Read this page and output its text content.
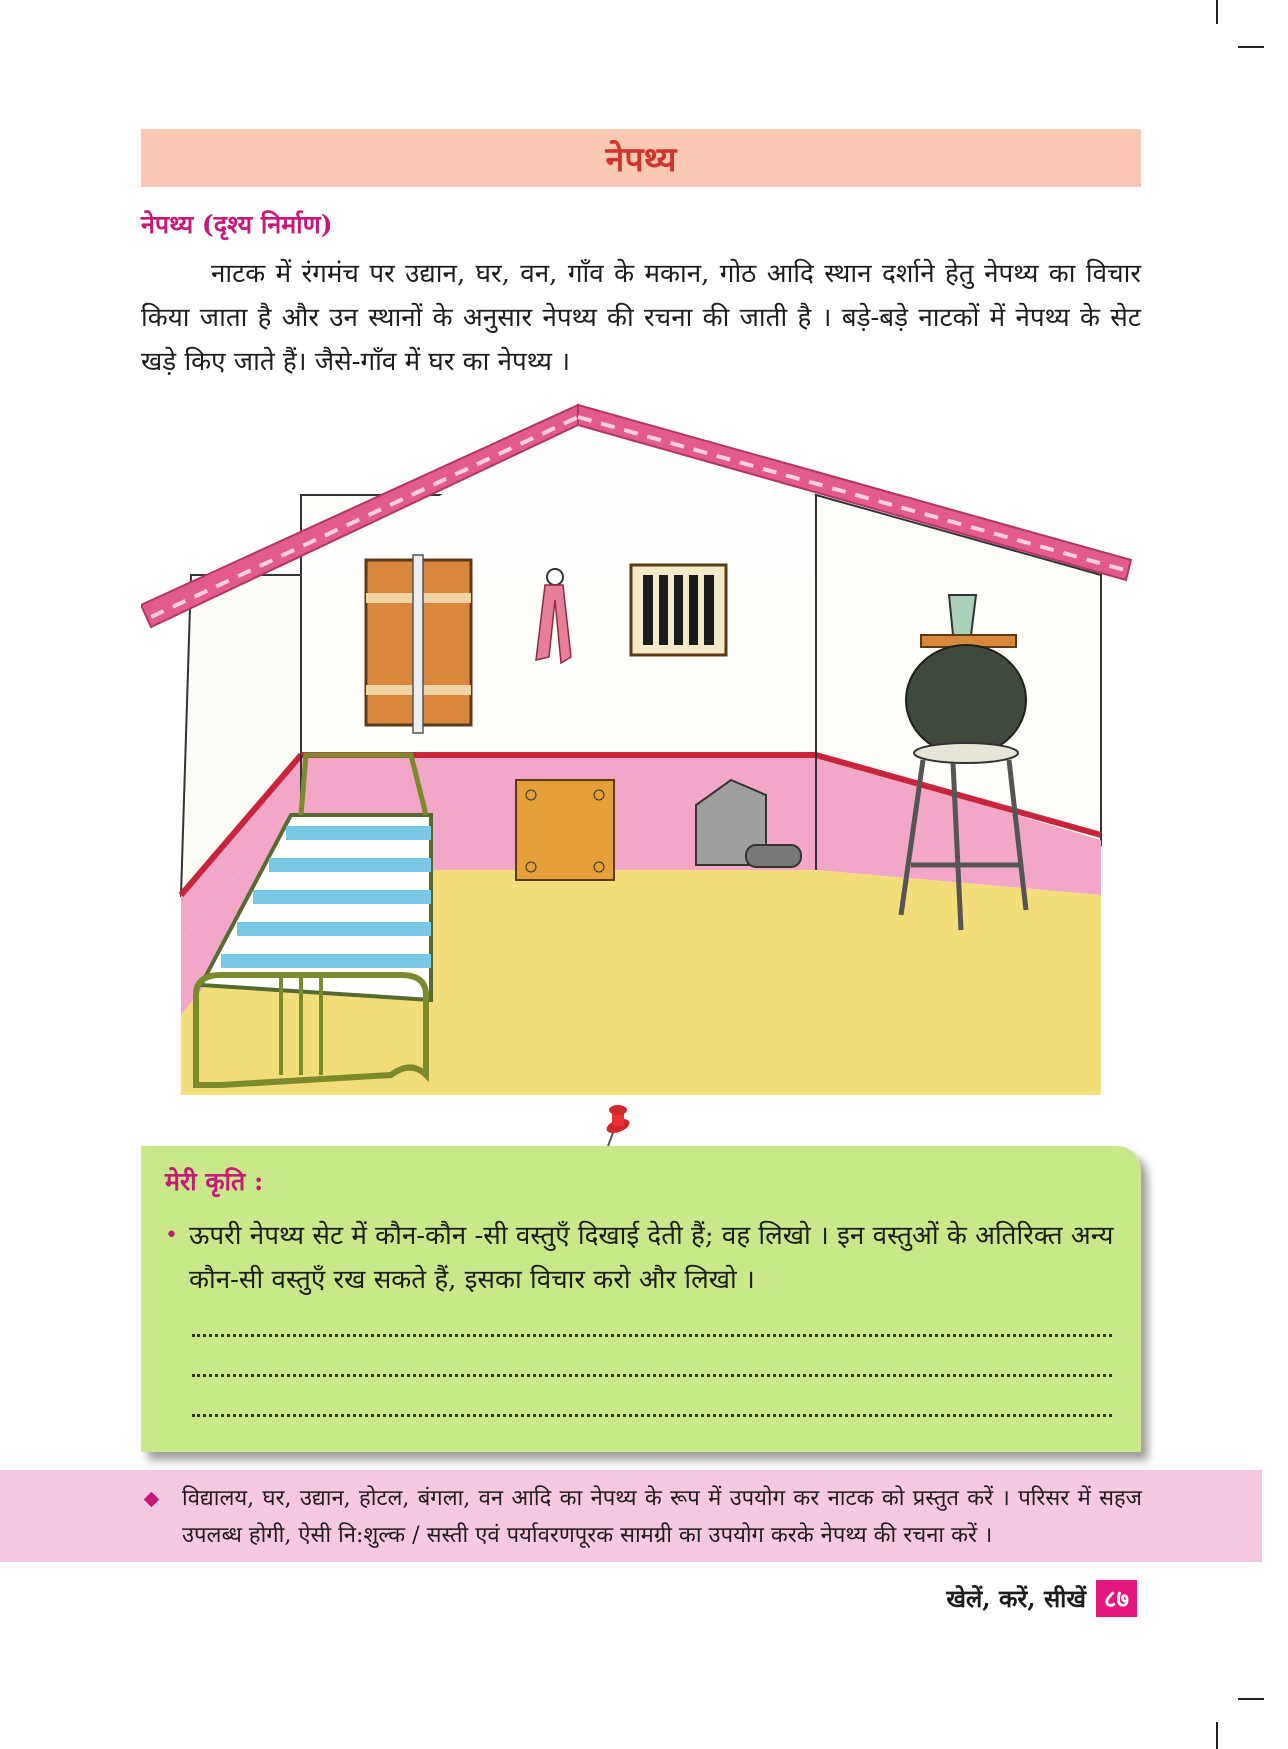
नेपथ्य
नेपथ्य (दृश्य निर्माण)
नाटक में रंगमंच पर उद्यान, घर, वन, गाँव के मकान, गोठ आदि स्थान दर्शाने हेतु नेपथ्य का विचार किया जाता है और उन स्थानों के अनुसार नेपथ्य की रचना की जाती है । बड़े-बड़े नाटकों में नेपथ्य के सेट खड़े किए जाते हैं। जैसे-गाँव में घर का नेपथ्य ।
मेरी कृति :
• ऊपरी नेपथ्य सेट में कौन-कौन -सी वस्तुएँ दिखाई देती हैं; वह लिखो । इन वस्तुओं के अतिरिक्त अन्य कौन-सी वस्तुएँ रख सकते हैं, इसका विचार करो और लिखो ।
विद्यालय, घर, उद्यान, होटल, बंगला, वन आदि का नेपथ्य के रूप में उपयोग कर नाटक को प्रस्तुत करें । परिसर में सहज उपलब्ध होगी, ऐसी नि:शुल्क / सस्ती एवं पर्यावरणपूरक सामग्री का उपयोग करके नेपथ्य की रचना करें ।
खेलें, करें, सीखें ८७
